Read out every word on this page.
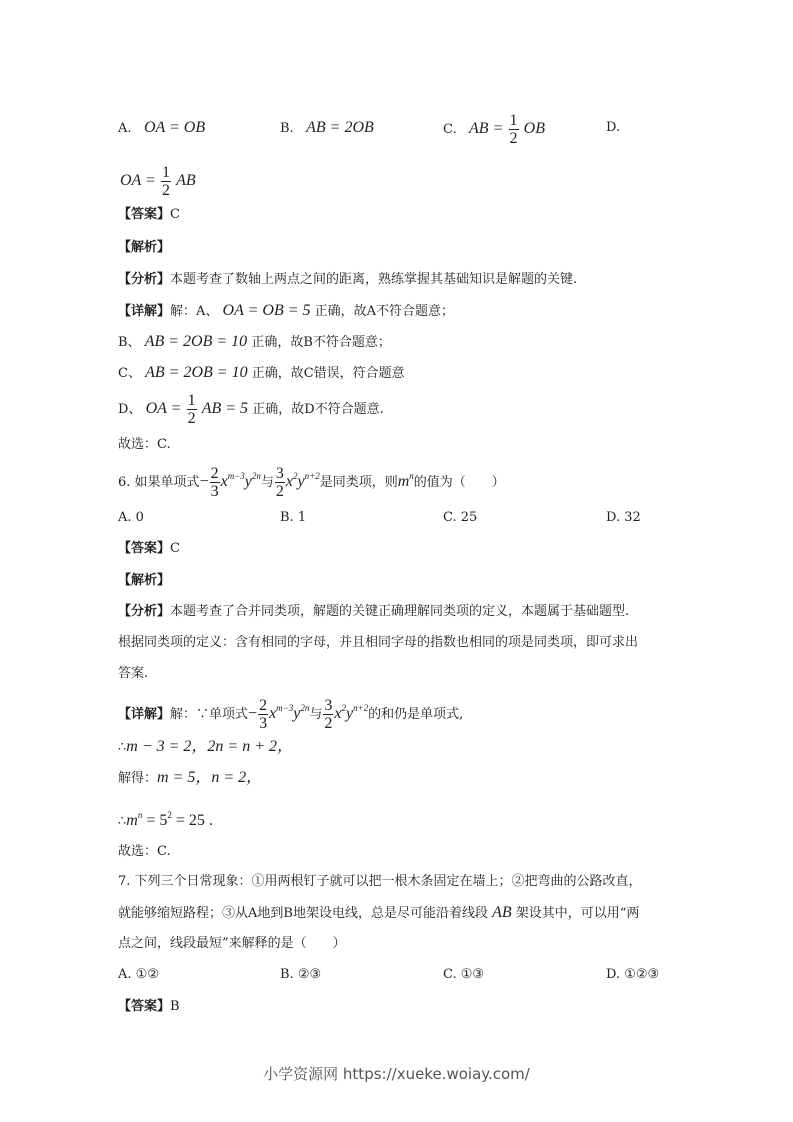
A. OA = OB	B. AB = 2OB	C. AB = $\frac{1}{2}$ OB	D.
OA = $\frac{1}{2}$ AB
【答案】C
【解析】
【分析】本题考查了数轴上两点之间的距离，熟练掌握其基础知识是解题的关键.
【详解】解：A、 OA = OB = 5 正确，故A不符合题意；
B、 AB = 2OB = 10 正确，故B不符合题意；
C、 AB = 2OB = 10 正确，故C错误，符合题意
D、 OA = $\frac{1}{2}$ AB = 5 正确，故D不符合题意.
故选：C.
6. 如果单项式− $\frac{2}{3} x^{m-3}y^{2n}$与 $\frac{3}{2} x^2y^{n+2}$是同类项，则$m^n$的值为（　　）
A. 0	B. 1	C. 25	D. 32
【答案】C
【解析】
【分析】本题考查了合并同类项，解题的关键正确理解同类项的定义，本题属于基础题型.
根据同类项的定义：含有相同的字母，并且相同字母的指数也相同的项是同类项，即可求出
答案.
【详解】解：∵单项式− $\frac{2}{3} x^{m-3}y^{2n}$与 $\frac{3}{2} x^2y^{n+2}$的和仍是单项式,
∴m − 3 = 2，2n = n + 2，
解得：m = 5，n = 2，
$\therefore m^n = 5^2 = 25$ .
故选：C.
7. 下列三个日常现象：①用两根钉子就可以把一根木条固定在墙上；②把弯曲的公路改直，
就能够缩短路程；③从A地到B地架设电线，总是尽可能沿着线段 AB 架设其中，可以用“两
点之间，线段最短”来解释的是（　　）
A. ①②	B. ②③	C. ①③	D. ①②③
【答案】B
小学资源网 https://xueke.woiay.com/
